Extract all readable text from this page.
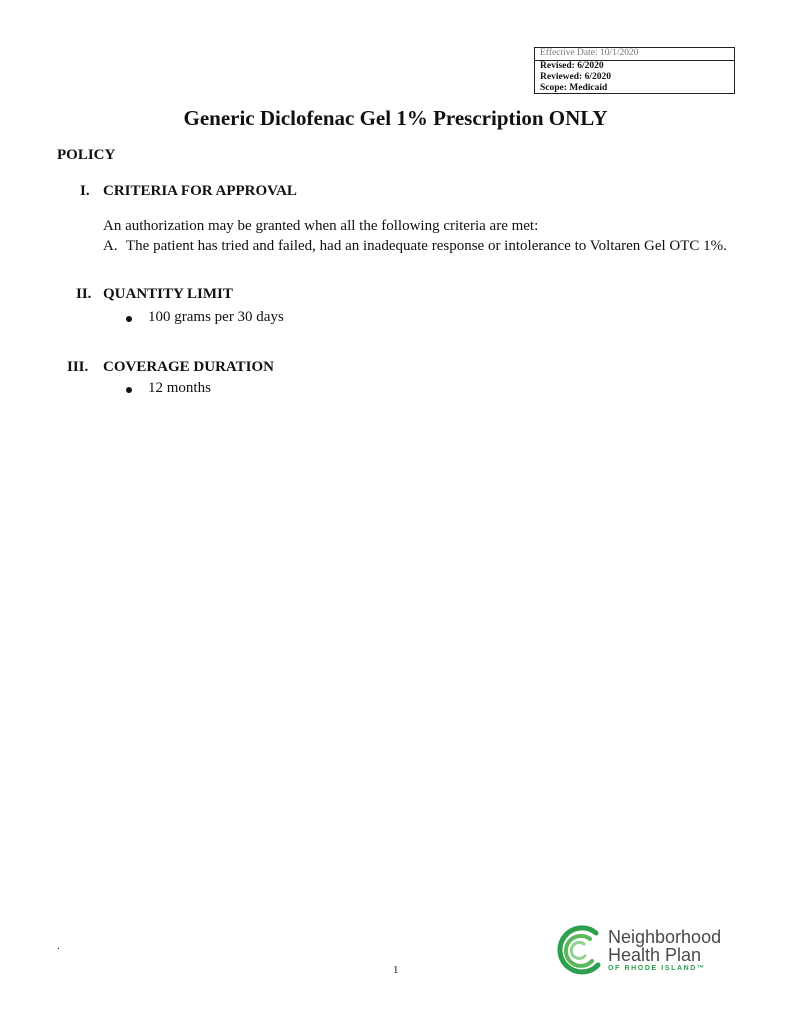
Effective Date: 10/1/2020
Revised: 6/2020
Reviewed: 6/2020
Scope: Medicaid
Generic Diclofenac Gel 1% Prescription ONLY
POLICY
I. CRITERIA FOR APPROVAL

An authorization may be granted when all the following criteria are met:

A. The patient has tried and failed, had an inadequate response or intolerance to Voltaren Gel OTC 1%.
II. QUANTITY LIMIT
100 grams per 30 days
III. COVERAGE DURATION
12 months
.
1
Neighborhood
Health Plan
OF RHODE ISLAND™
